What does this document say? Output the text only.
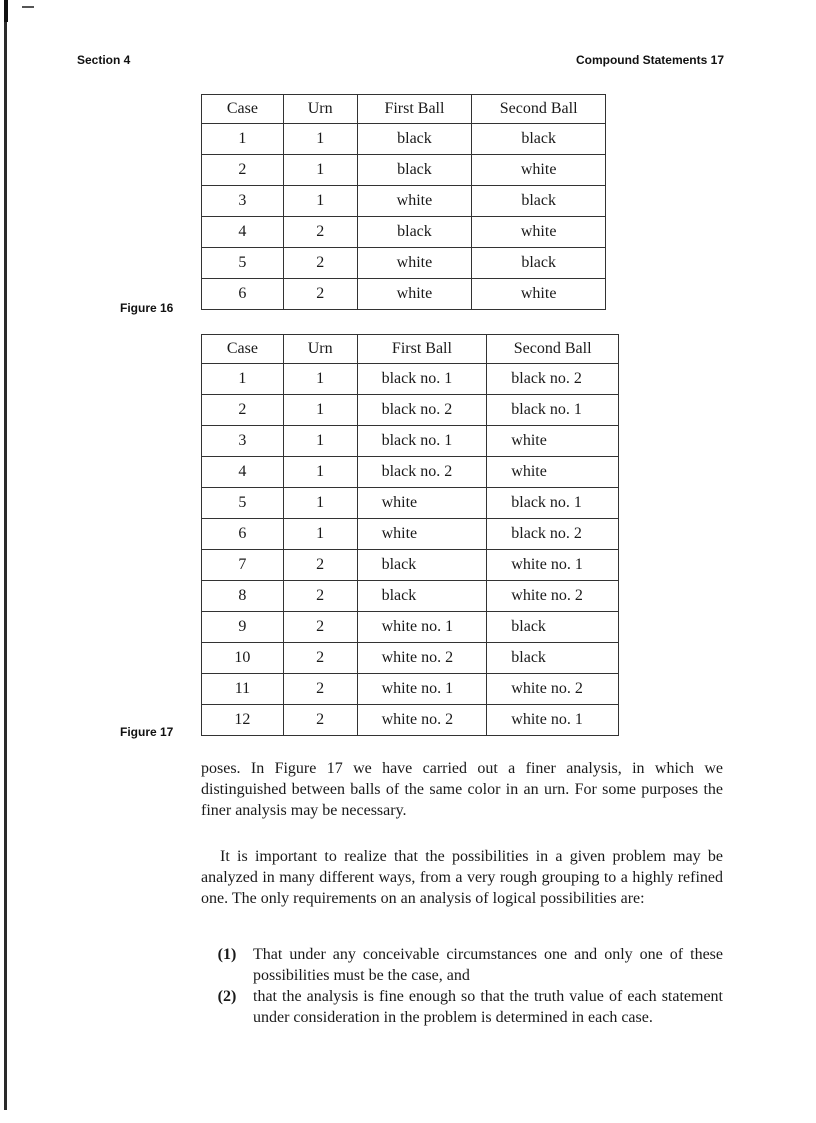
Section 4	Compound Statements 17
Case	Urn	First Ball	Second Ball
1	1	black	black
2	1	black	white
3	1	white	black
4	2	black	white
5	2	white	black
6	2	white	white
Figure 16
Case	Urn	First Ball	Second Ball
1	1	black no. 1	black no. 2
2	1	black no. 2	black no. 1
3	1	black no. 1	white
4	1	black no. 2	white
5	1	white	black no. 1
6	1	white	black no. 2
7	2	black	white no. 1
8	2	black	white no. 2
9	2	white no. 1	black
10	2	white no. 2	black
11	2	white no. 1	white no. 2
12	2	white no. 2	white no. 1
Figure 17

poses. In Figure 17 we have carried out a finer analysis, in which we distinguished between balls of the same color in an urn. For some purposes the finer analysis may be necessary.

It is important to realize that the possibilities in a given problem may be analyzed in many different ways, from a very rough grouping to a highly refined one. The only requirements on an analysis of logical possibilities are:

(1)	That under any conceivable circumstances one and only one of these possibilities must be the case, and
(2)	that the analysis is fine enough so that the truth value of each statement under consideration in the problem is determined in each case.
